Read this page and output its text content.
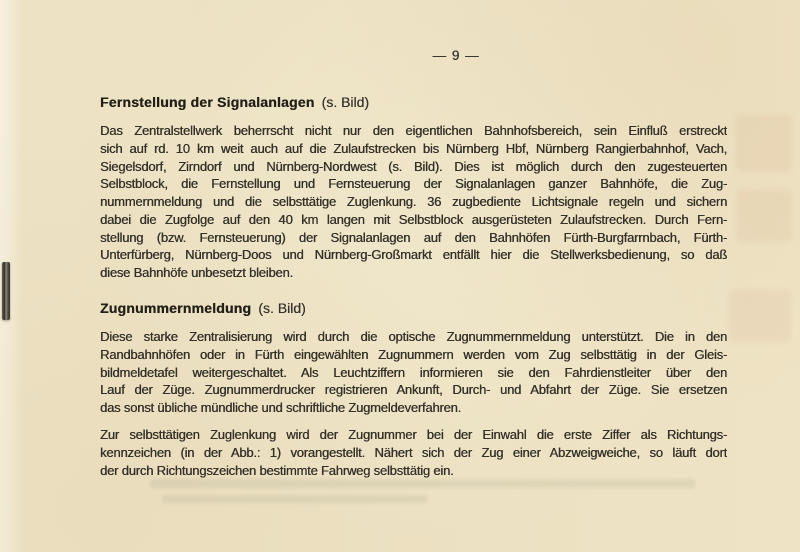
— 9 —
Fernstellung der Signalanlagen (s. Bild)
Das Zentralstellwerk beherrscht nicht nur den eigentlichen Bahnhofsbereich, sein Einfluß erstreckt
sich auf rd. 10 km weit auch auf die Zulaufstrecken bis Nürnberg Hbf, Nürnberg Rangierbahnhof, Vach,
Siegelsdorf, Zirndorf und Nürnberg-Nordwest (s. Bild). Dies ist möglich durch den zugesteuerten
Selbstblock, die Fernstellung und Fernsteuerung der Signalanlagen ganzer Bahnhöfe, die Zug-
nummernmeldung und die selbsttätige Zuglenkung. 36 zugbediente Lichtsignale regeln und sichern
dabei die Zugfolge auf den 40 km langen mit Selbstblock ausgerüsteten Zulaufstrecken. Durch Fern-
stellung (bzw. Fernsteuerung) der Signalanlagen auf den Bahnhöfen Fürth-Burgfarrnbach, Fürth-
Unterfürberg, Nürnberg-Doos und Nürnberg-Großmarkt entfällt hier die Stellwerksbedienung, so daß
diese Bahnhöfe unbesetzt bleiben.
Zugnummernmeldung (s. Bild)
Diese starke Zentralisierung wird durch die optische Zugnummernmeldung unterstützt. Die in den
Randbahnhöfen oder in Fürth eingewählten Zugnummern werden vom Zug selbsttätig in der Gleis-
bildmeldetafel weitergeschaltet. Als Leuchtziffern informieren sie den Fahrdienstleiter über den
Lauf der Züge. Zugnummerdrucker registrieren Ankunft, Durch- und Abfahrt der Züge. Sie ersetzen
das sonst übliche mündliche und schriftliche Zugmeldeverfahren.
Zur selbsttätigen Zuglenkung wird der Zugnummer bei der Einwahl die erste Ziffer als Richtungs-
kennzeichen (in der Abb.: 1) vorangestellt. Nähert sich der Zug einer Abzweigweiche, so läuft dort
der durch Richtungszeichen bestimmte Fahrweg selbsttätig ein.
